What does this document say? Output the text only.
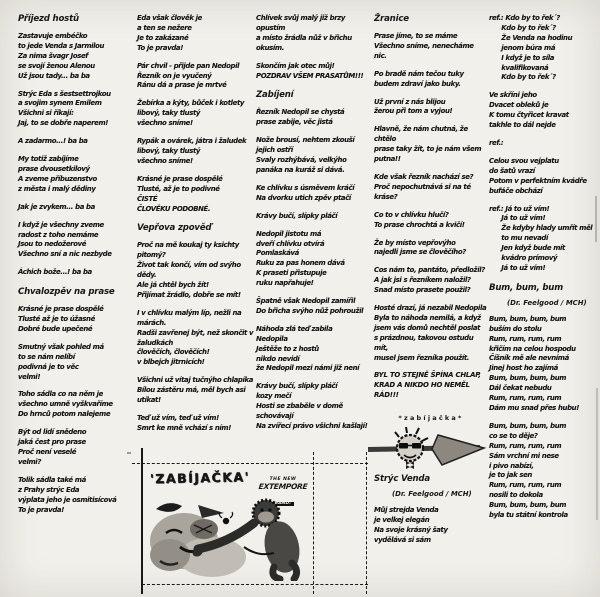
Příjezd hostů
Zastavuje embéčko
to jede Venda s Jarmilou
Za nima švagr Josef
se svojí ženou Alenou
Už jsou tady... ba ba
Strýc Eda s šestsettrojkou
a svojim synem Emilem
Všichni si říkají:
Jaj, to se dobře naperem!
A zadarmo...! ba ba
My totiž zabíjíme
prase dvousetkilový
A zveme příbuzenstvo
z města i malý dědiny
Jak je zvykem... ba ba
I když je všechny zveme
radost z toho nemáme
Jsou to nedožerové
Všechno sní a nic nezbyde
Áchich bože...! ba ba
Chvalozpěv na prase
Krásné je prase dospělé
Tlusté až je to úžasné
Dobré bude upečené
Smutný však pohled má
to se nám nelíbí
podivná je to věc
velmi!
Toho sádla co na něm je
všechno umně vyškvaříme
Do hrnců potom nalejeme
Být od lidí snědeno
jaká čest pro prase
Proč není veselé
velmi?
Tolik sádla také má
z Prahy strýc Eda
výplata jeho je osmitisícová
To je pravda!
Eda však člověk je
a ten se nežere
Je to zakázané
To je pravda!
Pár chvil - přijde pan Nedopil
Řezník on je vyučený
Ránu dá a prase je mrtvé
Žebírka a kýty, bůček i kotlety
libový, taky tlustý
všechno sníme!
Rypák a ovárek, játra i žaludek
libový, taky tlustý
všechno sníme!
Krásné je prase dospělé
Tlusté, až je to podivné
ČISTÉ
ČLOVĚKU PODOBNÉ.
Vepřova zpověď
Proč na mě koukaj ty ksichty pitomý?
Život tak končí, vím od svýho dědy.
Ale já chtěl bych žít!
Přijímat žrádlo, dobře se mít!
I v chlívku malým líp, nežli na
márách.
Radši zavřenej být, než skončit v
žaludkách
člověčích, člověčích!
v blbejch jitrnicích!
Všichni už vítaj tučnýho chlapíka
Bílou zástěru má, měl bych asi utíkat!
Teď už vím, teď už vím!
Smrt ke mně vchází s ním!
Chlívek svůj malý již brzy opustím
a místo žrádla nůž v břichu okusím.
Skončím jak otec můj!
POZDRAV VŠEM PRASATŮM!!!
Zabíjení
Řezník Nedopil se chystá
prase zabije, věc jistá
Nože brousí, nehtem zkouší
jejich ostří
Svaly rozhýbává, velkýho
panáka na kuráž si dává.
Ke chlívku s úsměvem kráčí
Na dvorku utich zpěv ptačí
Krávy bučí, slípky pláčí
Nedopil jistotu má
dveří chlívku otvírá
Pomlaskává
Ruku za pas honem dává
K praseti přistupuje
ruku napřahuje!
Špatně však Nedopil zamířil
Do břicha svýho nůž pohroužil
Náhoda zlá teď zabila
Nedopila
Ještěže to z hostů
nikdo nevidí
že Nedopil mezi námi již není
Krávy bučí, slípky pláčí
kozy mečí
Hosti se zbaběle v domě
schovávají
Na zvířecí právo všichni kašlají!
Žranice
Prase jíme, to se máme
Všechno sníme, nenecháme nic.
Po bradě nám tečou tuky
budem zdraví jako buky.
Už první z nás blijou
žerou při tom a vyjou!
Hlavně, že nám chutná, že chtělo
prase taky žít, to je nám všem
putna!!
Kde však řezník nachází se?
Proč nepochutnává si na té
kráse?
Co to v chlívku hlučí?
To prase chrochtá a kvičí!
Že by místo vepřovýho
najedli jsme se člověčího?
Cos nám to, pantáto, předložil?
A jak jsi s řezníkem naložil?
Snad místo prasete použil?
Hosté drazí, já nezabil Nedopila
Byla to náhoda nemilá, a když
jsem vás domů nechtěl poslat
s prázdnou, takovou ostudu mít,
musel jsem řezníka použít.
BYL TO STEJNĚ ŠPÍNA CHLAP,
KRAD A NIKDO HO NEMĚL RÁD!!!
Strýc Venda
(Dr. Feelgood / MCH)
Můj strejda Venda
je velkej elegán
Na svoje krásný šaty
vydělává si sám
ref.: Kdo by to řek´?
Kdo by to řek´?
Že Venda na hodinu
jenom búra má
I když je to síla
kvalifikovaná
Kdo by to řek´?
Ve skříni jeho
Dvacet obleků je
K tomu čtyřicet kravat
takhle to dál nejde
ref.:
Celou svou vejplatu
do šatů vrazí
Potom v perfektním kvádře
bufáče obchází
ref.: Já to už vím!
Já to už vím!
Že kdyby hlady umřít měl
to mu nevadí
Jen když bude mít
kvádro prímový
Já to už vím!
Bum, bum, bum
(Dr. Feelgood / MCH)
Bum, bum, bum, bum
buším do stolu
Rum, rum, rum, rum
křičím na celou hospodu
Číšník mě ale nevnímá
Jinej host ho zajímá
Bum, bum, bum, bum
Dál čekat nebudu
Rum, rum, rum, rum
Dám mu snad přes hubu!
Bum, bum, bum, bum
co se to děje?
Rum, rum, rum, rum
Sám vrchní mi nese
i pivo nabízí,
je to jak sen
Rum, rum, rum, rum
nosili to dokola
Bum, bum, bum, bum
byla tu státní kontrola
'ZABÍJAČKA'	THE NEW
EXTEMPORE
BAND!
*zabíjačka*
